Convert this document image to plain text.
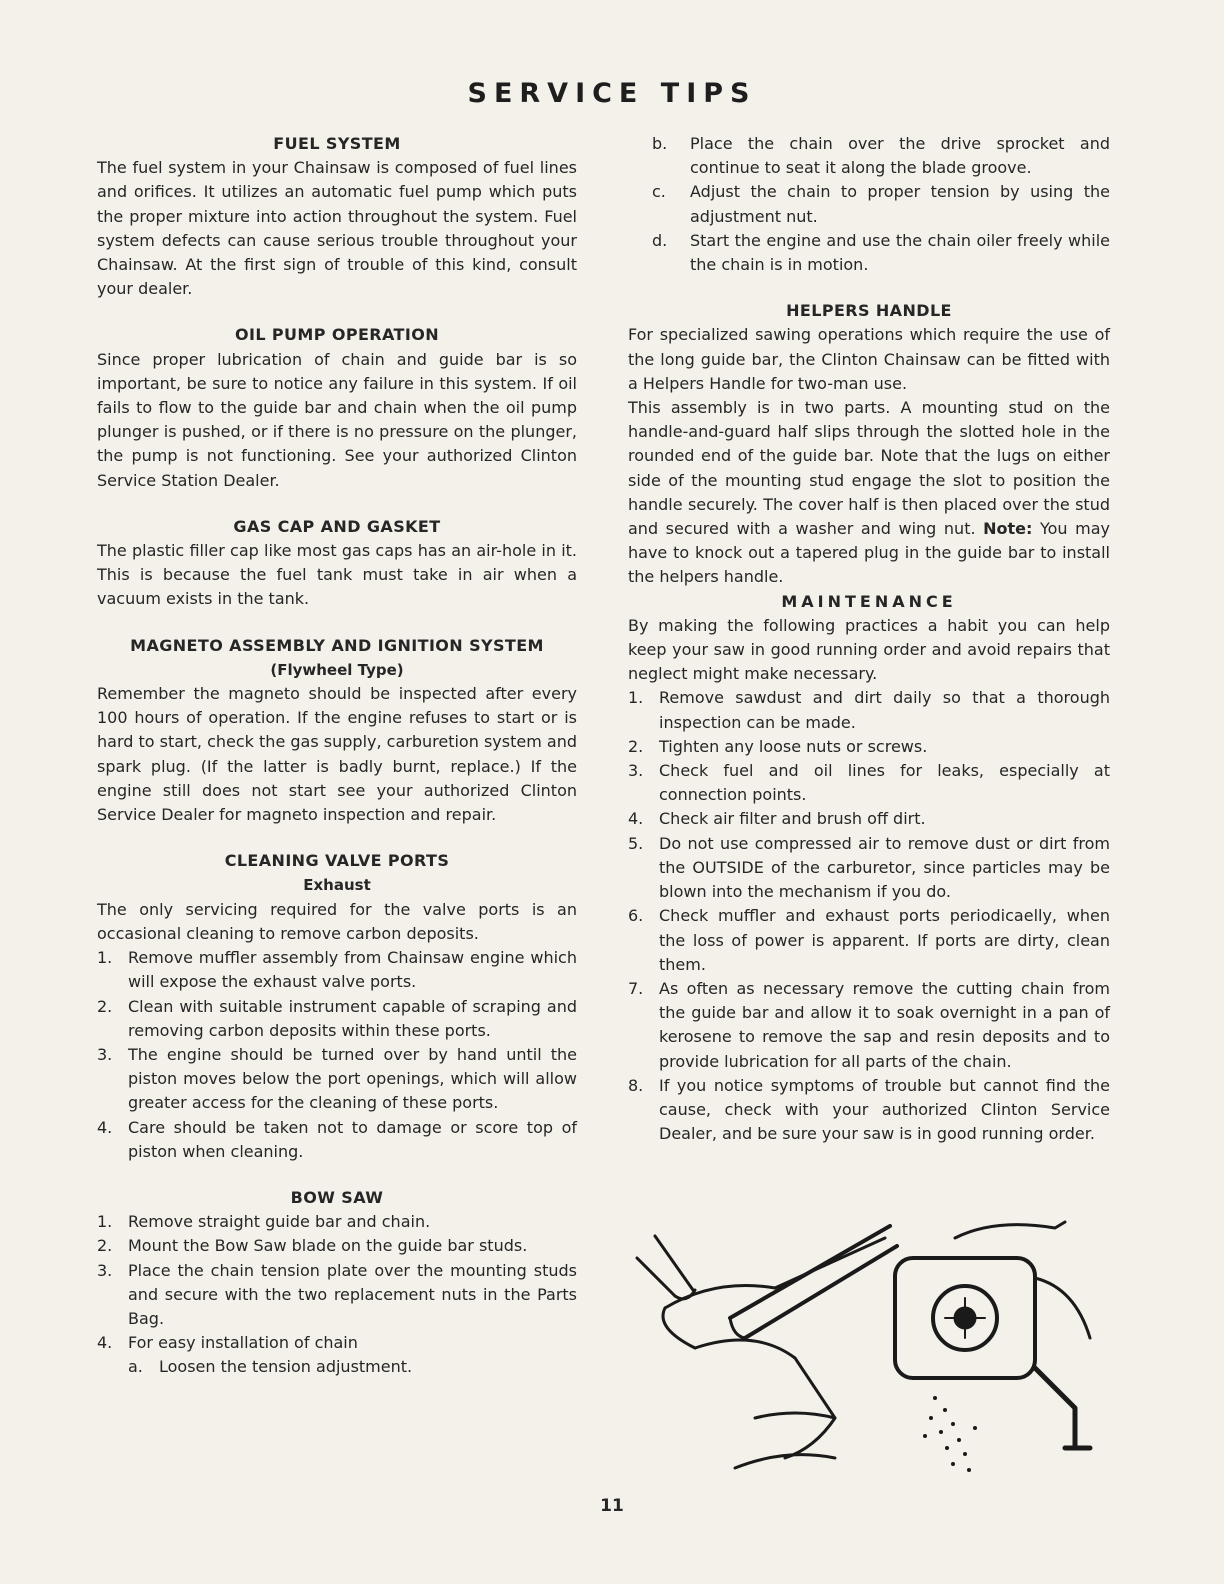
SERVICE TIPS
FUEL SYSTEM

The fuel system in your Chainsaw is composed of fuel lines and orifices. It utilizes an automatic fuel pump which puts the proper mixture into action throughout the system. Fuel system defects can cause serious trouble throughout your Chainsaw. At the first sign of trouble of this kind, consult your dealer.

OIL PUMP OPERATION

Since proper lubrication of chain and guide bar is so important, be sure to notice any failure in this system. If oil fails to flow to the guide bar and chain when the oil pump plunger is pushed, or if there is no pressure on the plunger, the pump is not functioning. See your authorized Clinton Service Station Dealer.

GAS CAP AND GASKET

The plastic filler cap like most gas caps has an air-hole in it. This is because the fuel tank must take in air when a vacuum exists in the tank.

MAGNETO ASSEMBLY AND IGNITION SYSTEM
(Flywheel Type)

Remember the magneto should be inspected after every 100 hours of operation. If the engine refuses to start or is hard to start, check the gas supply, carburetion system and spark plug. (If the latter is badly burnt, replace.) If the engine still does not start see your authorized Clinton Service Dealer for magneto inspection and repair.

CLEANING VALVE PORTS
Exhaust

The only servicing required for the valve ports is an occasional cleaning to remove carbon deposits.

1. Remove muffler assembly from Chainsaw engine which will expose the exhaust valve ports.
2. Clean with suitable instrument capable of scraping and removing carbon deposits within these ports.
3. The engine should be turned over by hand until the piston moves below the port openings, which will allow greater access for the cleaning of these ports.
4. Care should be taken not to damage or score top of piston when cleaning.
BOW SAW
1. Remove straight guide bar and chain.
2. Mount the Bow Saw blade on the guide bar studs.
3. Place the chain tension plate over the mounting studs and secure with the two replacement nuts in the Parts Bag.
4. For easy installation of chain
a. Loosen the tension adjustment.
b. Place the chain over the drive sprocket and continue to seat it along the blade groove.
c. Adjust the chain to proper tension by using the adjustment nut.
d. Start the engine and use the chain oiler freely while the chain is in motion.
HELPERS HANDLE

For specialized sawing operations which require the use of the long guide bar, the Clinton Chainsaw can be fitted with a Helpers Handle for two-man use.

This assembly is in two parts. A mounting stud on the handle-and-guard half slips through the slotted hole in the rounded end of the guide bar. Note that the lugs on either side of the mounting stud engage the slot to position the handle securely. The cover half is then placed over the stud and secured with a washer and wing nut. Note: You may have to knock out a tapered plug in the guide bar to install the helpers handle.

MAINTENANCE

By making the following practices a habit you can help keep your saw in good running order and avoid repairs that neglect might make necessary.

1. Remove sawdust and dirt daily so that a thorough inspection can be made.
2. Tighten any loose nuts or screws.
3. Check fuel and oil lines for leaks, especially at connection points.
4. Check air filter and brush off dirt.
5. Do not use compressed air to remove dust or dirt from the OUTSIDE of the carburetor, since particles may be blown into the mechanism if you do.
6. Check muffler and exhaust ports periodicaelly, when the loss of power is apparent. If ports are dirty, clean them.
7. As often as necessary remove the cutting chain from the guide bar and allow it to soak overnight in a pan of kerosene to remove the sap and resin deposits and to provide lubrication for all parts of the chain.
8. If you notice symptoms of trouble but cannot find the cause, check with your authorized Clinton Service Dealer, and be sure your saw is in good running order.
11
